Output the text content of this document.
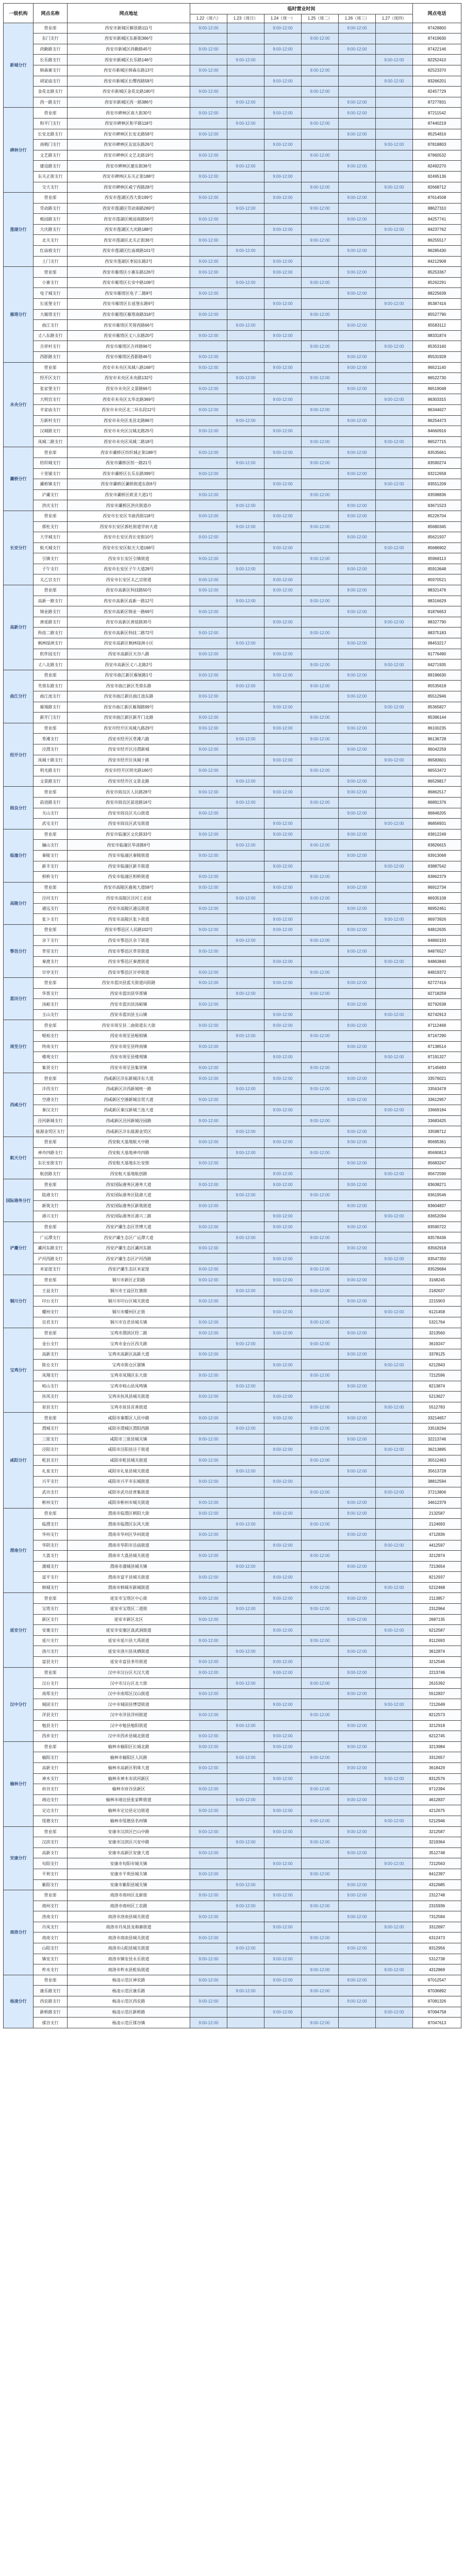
一级机构	网点名称	网点地址	临时营业时间						网点电话
			1.22（周六）	1.23（周日）	1.24（周一）	1.25（周二）	1.26（周三）	1.27（周四）	
新城分行	营业部	西安市新城区解放路111号	9:00-12:00		9:00-12:00		9:00-12:00		87428800
	东门支行	西安市新城区东新街366号				9:00-12:00			87419630
	尚勤路支行	西安市新城区尚勤路45号	9:00-12:00		9:00-12:00		9:00-12:00		87422146
	长乐路支行	西安市新城区长乐路146号		9:00-12:00				9:00-12:00	82252410
	韩森寨支行	西安市新城区韩森东路13号	9:00-12:00			9:00-12:00			82523370
	胡家庙支行	西安市新城区长缨西路58号			9:00-12:00			9:00-12:00	83266201
	金花北路支行	西安市新城区金花北路180号	9:00-12:00			9:00-12:00			82457729
	西一路支行	西安市新城区西一路386号		9:00-12:00			9:00-12:00		87277831
碑林分行	营业部	西安市碑林区南大街30号	9:00-12:00		9:00-12:00		9:00-12:00		87211542
	和平门支行	西安市碑林区和平路118号		9:00-12:00		9:00-12:00			87440219
	长安北路支行	西安市碑林区长安北路58号	9:00-12:00				9:00-12:00		85254816
	南稍门支行	西安市碑林区友谊东路26号			9:00-12:00			9:00-12:00	87818803
	文艺路支行	西安市碑林区文艺北路19号	9:00-12:00			9:00-12:00			87860532
	建设路支行	西安市碑林区建东街36号		9:00-12:00			9:00-12:00		82492270
	东关正街支行	西安市碑林区东关正街188号	9:00-12:00		9:00-12:00				82495136
	交大支行	西安市碑林区咸宁西路28号				9:00-12:00		9:00-12:00	82668712
莲湖分行	营业部	西安市莲湖区西大街199号	9:00-12:00		9:00-12:00		9:00-12:00		87614508
	劳动路支行	西安市莲湖区劳动南路269号		9:00-12:00		9:00-12:00			88627310
	桃园路支行	西安市莲湖区桃园南路56号	9:00-12:00				9:00-12:00		84257741
	大庆路支行	西安市莲湖区大庆路188号			9:00-12:00			9:00-12:00	84237762
	北关支行	西安市莲湖区北关正街36号	9:00-12:00			9:00-12:00			86255517
	红庙坡支行	西安市莲湖区红庙坡路101号		9:00-12:00			9:00-12:00		86285430
	土门支行	西安市莲湖区枣园东路2号	9:00-12:00		9:00-12:00				84212908
雁塔分行	营业部	西安市雁塔区小寨东路126号	9:00-12:00		9:00-12:00		9:00-12:00		85253367
	小寨支行	西安市雁塔区长安中路108号		9:00-12:00		9:00-12:00			85262291
	电子城支行	西安市雁塔区电子二路8号	9:00-12:00				9:00-12:00		88225639
	长延堡支行	西安市雁塔区长延堡东路9号			9:00-12:00			9:00-12:00	85387416
	大雁塔支行	西安市雁塔区雁塔南路318号	9:00-12:00			9:00-12:00			85527790
	曲江支行	西安市雁塔区芙蓉西路66号		9:00-12:00			9:00-12:00		85583112
	丈八东路支行	西安市雁塔区丈八东路20号	9:00-12:00		9:00-12:00				88331874
	吉祥村支行	西安市雁塔区吉祥路96号				9:00-12:00		9:00-12:00	85353160
	西影路支行	西安市雁塔区西影路46号	9:00-12:00				9:00-12:00		85531928
未央分行	营业部	西安市未央区凤城八路168号	9:00-12:00		9:00-12:00		9:00-12:00		86521140
	经开区支行	西安市未央区未央路132号		9:00-12:00		9:00-12:00			86522730
	张家堡支行	西安市未央区文景路66号	9:00-12:00				9:00-12:00		86519048
	大明宫支行	西安市未央区太华北路369号			9:00-12:00			9:00-12:00	86303315
	辛家庙支行	西安市未央区北二环东段12号	9:00-12:00			9:00-12:00			86344627
	方新村支行	西安市未央区龙首北路86号		9:00-12:00			9:00-12:00		86254473
	汉城路支行	西安市未央区汉城北路25号	9:00-12:00		9:00-12:00				84660916
	凤城二路支行	西安市未央区凤城二路18号				9:00-12:00		9:00-12:00	86527715
灞桥分行	营业部	西安市灞桥区纺织城正街188号	9:00-12:00		9:00-12:00		9:00-12:00		83535661
	纺织城支行	西安市灞桥区纺一路21号		9:00-12:00		9:00-12:00			83590274
	十里铺支行	西安市灞桥区长乐东路399号	9:00-12:00				9:00-12:00		83212658
	灞桥镇支行	西安市灞桥区灞桥街道东街6号			9:00-12:00			9:00-12:00	83551209
	浐灞支行	西安市灞桥区欧亚大道1号	9:00-12:00			9:00-12:00			83598836
	洪庆支行	西安市灞桥区洪庆街道办		9:00-12:00			9:00-12:00		83671523
长安分行	营业部	西安市长安区韦曲西街118号	9:00-12:00		9:00-12:00		9:00-12:00		85226704
	郭杜支行	西安市长安区郭杜街道学府大道		9:00-12:00		9:00-12:00			85680345
	大学城支行	西安市长安区西长安街10号	9:00-12:00				9:00-12:00		85621937
	航天城支行	西安市长安区航天大道168号			9:00-12:00			9:00-12:00	85686902
	引镇支行	西安市长安区引镇街道	9:00-12:00			9:00-12:00			85968113
	子午支行	西安市长安区子午大道28号		9:00-12:00			9:00-12:00		85913648
	太乙宫支行	西安市长安区太乙宫街道	9:00-12:00		9:00-12:00				85970521
高新分行	营业部	西安市高新区科技路50号	9:00-12:00		9:00-12:00		9:00-12:00		88321476
	高新一路支行	西安市高新区高新一路12号		9:00-12:00		9:00-12:00			88316629
	锦业路支行	西安市高新区锦业一路69号	9:00-12:00				9:00-12:00		81876653
	唐延路支行	西安市高新区唐延路35号			9:00-12:00			9:00-12:00	88327790
	科技二路支行	西安市高新区科技二路72号	9:00-12:00			9:00-12:00			88375183
	枫林绿洲支行	西安市高新区枫林绿洲小区		9:00-12:00			9:00-12:00		88453217
	软件园支行	西安市高新区天谷八路	9:00-12:00		9:00-12:00				81776490
	丈八北路支行	西安市高新区丈八北路2号				9:00-12:00		9:00-12:00	84271935
曲江分行	营业部	西安市曲江新区雁展路1号	9:00-12:00		9:00-12:00		9:00-12:00		89196630
	芙蓉东路支行	西安市曲江新区芙蓉东路		9:00-12:00		9:00-12:00			85535618
	曲江池支行	西安市曲江新区曲江池东路	9:00-12:00				9:00-12:00		85512946
	雁翔路支行	西安市曲江新区雁翔路99号			9:00-12:00			9:00-12:00	85365827
	新开门支行	西安市曲江新区新开门北路	9:00-12:00			9:00-12:00			85396144
经开分行	营业部	西安市经开区凤城九路29号	9:00-12:00		9:00-12:00		9:00-12:00		86100235
	草滩支行	西安市经开区草滩六路		9:00-12:00		9:00-12:00			86136728
	泾渭支行	西安市经开区泾渭新城	9:00-12:00				9:00-12:00		86042259
	凤城十路支行	西安市经开区凤城十路			9:00-12:00			9:00-12:00	86583601
	明光路支行	西安市经开区明光路166号	9:00-12:00			9:00-12:00			86553472
	文景路支行	西安市经开区文景北路		9:00-12:00			9:00-12:00		86529817
阎良分行	营业部	西安市阎良区人民路28号	9:00-12:00		9:00-12:00		9:00-12:00		86862517
	前进路支行	西安市阎良区前进路16号		9:00-12:00		9:00-12:00			86891376
	关山支行	西安市阎良区关山街道	9:00-12:00				9:00-12:00		86846205
	武屯支行	西安市阎良区武屯街道			9:00-12:00			9:00-12:00	86856931
临潼分行	营业部	西安市临潼区文化路33号	9:00-12:00		9:00-12:00		9:00-12:00		83812249
	骊山支行	西安市临潼区华清路6号		9:00-12:00		9:00-12:00			83826615
	秦陵支行	西安市临潼区秦陵街道	9:00-12:00				9:00-12:00		83913068
	新丰支行	西安市临潼区新丰街道			9:00-12:00			9:00-12:00	83887542
	相桥支行	西安市临潼区相桥街道	9:00-12:00			9:00-12:00			83862379
高陵分行	营业部	西安市高陵区鹿苑大道58号	9:00-12:00		9:00-12:00		9:00-12:00		86912734
	泾河支行	西安市高陵区泾河工业园		9:00-12:00		9:00-12:00			86935108
	通远支行	西安市高陵区通远街道	9:00-12:00				9:00-12:00		86952461
	张卜支行	西安市高陵区张卜街道			9:00-12:00			9:00-12:00	86973926
鄠邑分行	营业部	西安市鄠邑区人民路102号	9:00-12:00		9:00-12:00		9:00-12:00		84812635
	余下支行	西安市鄠邑区余下街道		9:00-12:00		9:00-12:00			84860193
	草堂支行	西安市鄠邑区草堂街道	9:00-12:00				9:00-12:00		84876527
	秦渡支行	西安市鄠邑区秦渡街道			9:00-12:00			9:00-12:00	84863840
	甘亭支行	西安市鄠邑区甘亭街道	9:00-12:00			9:00-12:00			84819372
蓝田分行	营业部	西安市蓝田县蓝关街道向阳路	9:00-12:00		9:00-12:00		9:00-12:00		82727416
	华胥支行	西安市蓝田县华胥镇		9:00-12:00		9:00-12:00			82718259
	汤峪支行	西安市蓝田县汤峪镇	9:00-12:00				9:00-12:00		82792638
	玉山支行	西安市蓝田县玉山镇			9:00-12:00			9:00-12:00	82742913
周至分行	营业部	西安市周至县二曲街道东大街	9:00-12:00		9:00-12:00		9:00-12:00		87112468
	哑柏支行	西安市周至县哑柏镇		9:00-12:00		9:00-12:00			87167290
	终南支行	西安市周至县终南镇	9:00-12:00				9:00-12:00		87138514
	楼观支行	西安市周至县楼观镇			9:00-12:00			9:00-12:00	87191327
	集贤支行	西安市周至县集贤镇	9:00-12:00			9:00-12:00			87145693
西咸分行	营业部	西咸新区沣东新城沣东大道	9:00-12:00		9:00-12:00		9:00-12:00		33576021
	沣西支行	西咸新区沣西新城统一路		9:00-12:00		9:00-12:00			33563478
	空港支行	西咸新区空港新城自贸大道	9:00-12:00				9:00-12:00		33612957
	秦汉支行	西咸新区秦汉新城兰池大道			9:00-12:00			9:00-12:00	33669184
	泾河新城支行	西咸新区泾河新城泾园路	9:00-12:00			9:00-12:00			33683425
	能源金贸区支行	西咸新区沣东能源金贸区		9:00-12:00			9:00-12:00		33598712
航天分行	营业部	西安航天基地航天中路	9:00-12:00		9:00-12:00		9:00-12:00		85695361
	神舟四路支行	西安航天基地神舟四路		9:00-12:00		9:00-12:00			85690813
	东长安街支行	西安航天基地东长安街	9:00-12:00				9:00-12:00		85683247
	航创路支行	西安航天基地航创路			9:00-12:00			9:00-12:00	85672590
国际港务分行	营业部	西安国际港务区港务大道	9:00-12:00		9:00-12:00		9:00-12:00		83638271
	陆港支行	西安国际港务区陆港大道		9:00-12:00		9:00-12:00			83619546
	新筑支行	西安国际港务区新筑街道	9:00-12:00				9:00-12:00		83604837
	港兴支行	西安国际港务区港兴三路			9:00-12:00			9:00-12:00	83652094
浐灞分行	营业部	西安浐灞生态区世博大道	9:00-12:00		9:00-12:00		9:00-12:00		83590722
	广运潭支行	西安浐灞生态区广运潭大道		9:00-12:00		9:00-12:00			83578436
	灞河东路支行	西安浐灞生态区灞河东路	9:00-12:00				9:00-12:00		83562918
	浐河西路支行	西安浐灞生态区浐河西路			9:00-12:00			9:00-12:00	83547350
	米家崖支行	西安浐灞生态区米家崖	9:00-12:00			9:00-12:00			83529684
铜川分行	营业部	铜川市新区正阳路	9:00-12:00		9:00-12:00		9:00-12:00		3168245
	王益支行	铜川市王益区红旗街		9:00-12:00		9:00-12:00			2182637
	印台支行	铜川市印台区城关街道	9:00-12:00				9:00-12:00		2215903
	耀州支行	铜川市耀州区正街			9:00-12:00			9:00-12:00	6121458
	宜君支行	铜川市宜君县城关镇	9:00-12:00			9:00-12:00			5321764
宝鸡分行	营业部	宝鸡市渭滨区经二路	9:00-12:00		9:00-12:00		9:00-12:00		3213560
	金台支行	宝鸡市金台区西关路		9:00-12:00		9:00-12:00			3619247
	高新支行	宝鸡市高新区高新大道	9:00-12:00				9:00-12:00		3378125
	陈仓支行	宝鸡市陈仓区虢镇			9:00-12:00			9:00-12:00	6212843
	凤翔支行	宝鸡市凤翔区东大街	9:00-12:00			9:00-12:00			7212596
	岐山支行	宝鸡市岐山县凤鸣镇		9:00-12:00			9:00-12:00		8213874
	扶风支行	宝鸡市扶风县城关街道	9:00-12:00		9:00-12:00				5213627
	眉县支行	宝鸡市眉县首善街道				9:00-12:00		9:00-12:00	5512783
咸阳分行	营业部	咸阳市秦都区人民中路	9:00-12:00		9:00-12:00		9:00-12:00		33214657
	渭城支行	咸阳市渭城区渭阳西路		9:00-12:00		9:00-12:00			33518294
	三原支行	咸阳市三原县城关镇	9:00-12:00				9:00-12:00		32213746
	泾阳支行	咸阳市泾阳县泾干街道			9:00-12:00			9:00-12:00	36213895
	乾县支行	咸阳市乾县城关街道	9:00-12:00			9:00-12:00			35512463
	礼泉支行	咸阳市礼泉县城关街道		9:00-12:00			9:00-12:00		35613728
	兴平支行	咸阳市兴平市东城街道	9:00-12:00		9:00-12:00				38812594
	武功支行	咸阳市武功县普集街道				9:00-12:00		9:00-12:00	37213806
	彬州支行	咸阳市彬州市城关街道	9:00-12:00				9:00-12:00		34612379
渭南分行	营业部	渭南市临渭区朝阳大街	9:00-12:00		9:00-12:00		9:00-12:00		2132587
	临渭支行	渭南市临渭区东风大街		9:00-12:00		9:00-12:00			2124693
	华州支行	渭南市华州区华州街道	9:00-12:00				9:00-12:00		4712836
	华阴支行	渭南市华阴市岳庙街道			9:00-12:00			9:00-12:00	4412597
	大荔支行	渭南市大荔县城关街道	9:00-12:00			9:00-12:00			3212874
	蒲城支行	渭南市蒲城县城关镇		9:00-12:00			9:00-12:00		7213654
	富平支行	渭南市富平县城关街道	9:00-12:00		9:00-12:00				8212937
	韩城支行	渭南市韩城市新城街道				9:00-12:00		9:00-12:00	5212468
延安分行	营业部	延安市宝塔区中心街	9:00-12:00		9:00-12:00		9:00-12:00		2113857
	宝塔支行	延安市宝塔区二道街		9:00-12:00		9:00-12:00			2312964
	新区支行	延安市新区北区	9:00-12:00				9:00-12:00		2687135
	安塞支行	延安市安塞区真武洞街道			9:00-12:00			9:00-12:00	6212587
	延川支行	延安市延川县大禹街道	9:00-12:00			9:00-12:00			8112693
	洛川支行	延安市洛川县凤栖街道		9:00-12:00			9:00-12:00		3612874
	富县支行	延安市富县茶坊街道	9:00-12:00		9:00-12:00				3212546
汉中分行	营业部	汉中市汉台区天汉大道	9:00-12:00		9:00-12:00		9:00-12:00		2213746
	汉台支行	汉中市汉台区北大街		9:00-12:00		9:00-12:00			2615392
	南郑支行	汉中市南郑区汉山街道	9:00-12:00				9:00-12:00		5512837
	城固支行	汉中市城固县博望街道			9:00-12:00			9:00-12:00	7212649
	洋县支行	汉中市洋县洋州街道	9:00-12:00			9:00-12:00			8212573
	勉县支行	汉中市勉县勉阳街道		9:00-12:00			9:00-12:00		3212918
	西乡支行	汉中市西乡县城北街道	9:00-12:00		9:00-12:00				6212745
榆林分行	营业部	榆林市榆阳区长城北路	9:00-12:00		9:00-12:00		9:00-12:00		3213984
	榆阳支行	榆林市榆阳区人民路		9:00-12:00		9:00-12:00			3312657
	高新支行	榆林市高新区明珠大道	9:00-12:00				9:00-12:00		3618429
	神木支行	榆林市神木市滨河新区			9:00-12:00			9:00-12:00	8312576
	府谷支行	榆林市府谷县新区	9:00-12:00			9:00-12:00			8712394
	靖边支行	榆林市靖边县张家畔街道		9:00-12:00			9:00-12:00		4612837
	定边支行	榆林市定边县定边街道	9:00-12:00		9:00-12:00				4212675
	绥德支行	榆林市绥德县名州镇				9:00-12:00		9:00-12:00	5212946
安康分行	营业部	安康市汉滨区巴山中路	9:00-12:00		9:00-12:00		9:00-12:00		3212587
	汉滨支行	安康市汉滨区兴安中路		9:00-12:00		9:00-12:00			3219364
	高新支行	安康市高新区安康大道	9:00-12:00				9:00-12:00		3512748
	旬阳支行	安康市旬阳市城关镇			9:00-12:00			9:00-12:00	7212563
	平利支行	安康市平利县城关镇	9:00-12:00			9:00-12:00			8412397
	紫阳支行	安康市紫阳县城关镇		9:00-12:00			9:00-12:00		4312685
商洛分行	营业部	商洛市商州区北新街	9:00-12:00		9:00-12:00		9:00-12:00		2312748
	商州支行	商洛市商州区工农路		9:00-12:00		9:00-12:00			2315936
	洛南支行	商洛市洛南县城关街道	9:00-12:00				9:00-12:00		7312584
	丹凤支行	商洛市丹凤县龙驹寨街道			9:00-12:00			9:00-12:00	3312697
	商南支行	商洛市商南县城关街道	9:00-12:00			9:00-12:00			6312473
	山阳支行	商洛市山阳县城关街道		9:00-12:00			9:00-12:00		8312956
	镇安支行	商洛市镇安县永乐街道	9:00-12:00		9:00-12:00				5312738
	柞水支行	商洛市柞水县乾佑街道				9:00-12:00		9:00-12:00	4312869
杨凌分行	营业部	杨凌示范区神农路	9:00-12:00		9:00-12:00		9:00-12:00		87012547
	康乐路支行	杨凌示范区康乐路		9:00-12:00		9:00-12:00			87036892
	西农路支行	杨凌示范区西农路	9:00-12:00				9:00-12:00		87081326
	新桥路支行	杨凌示范区新桥路			9:00-12:00			9:00-12:00	87094758
	揉谷支行	杨凌示范区揉谷镇	9:00-12:00			9:00-12:00			87047613
